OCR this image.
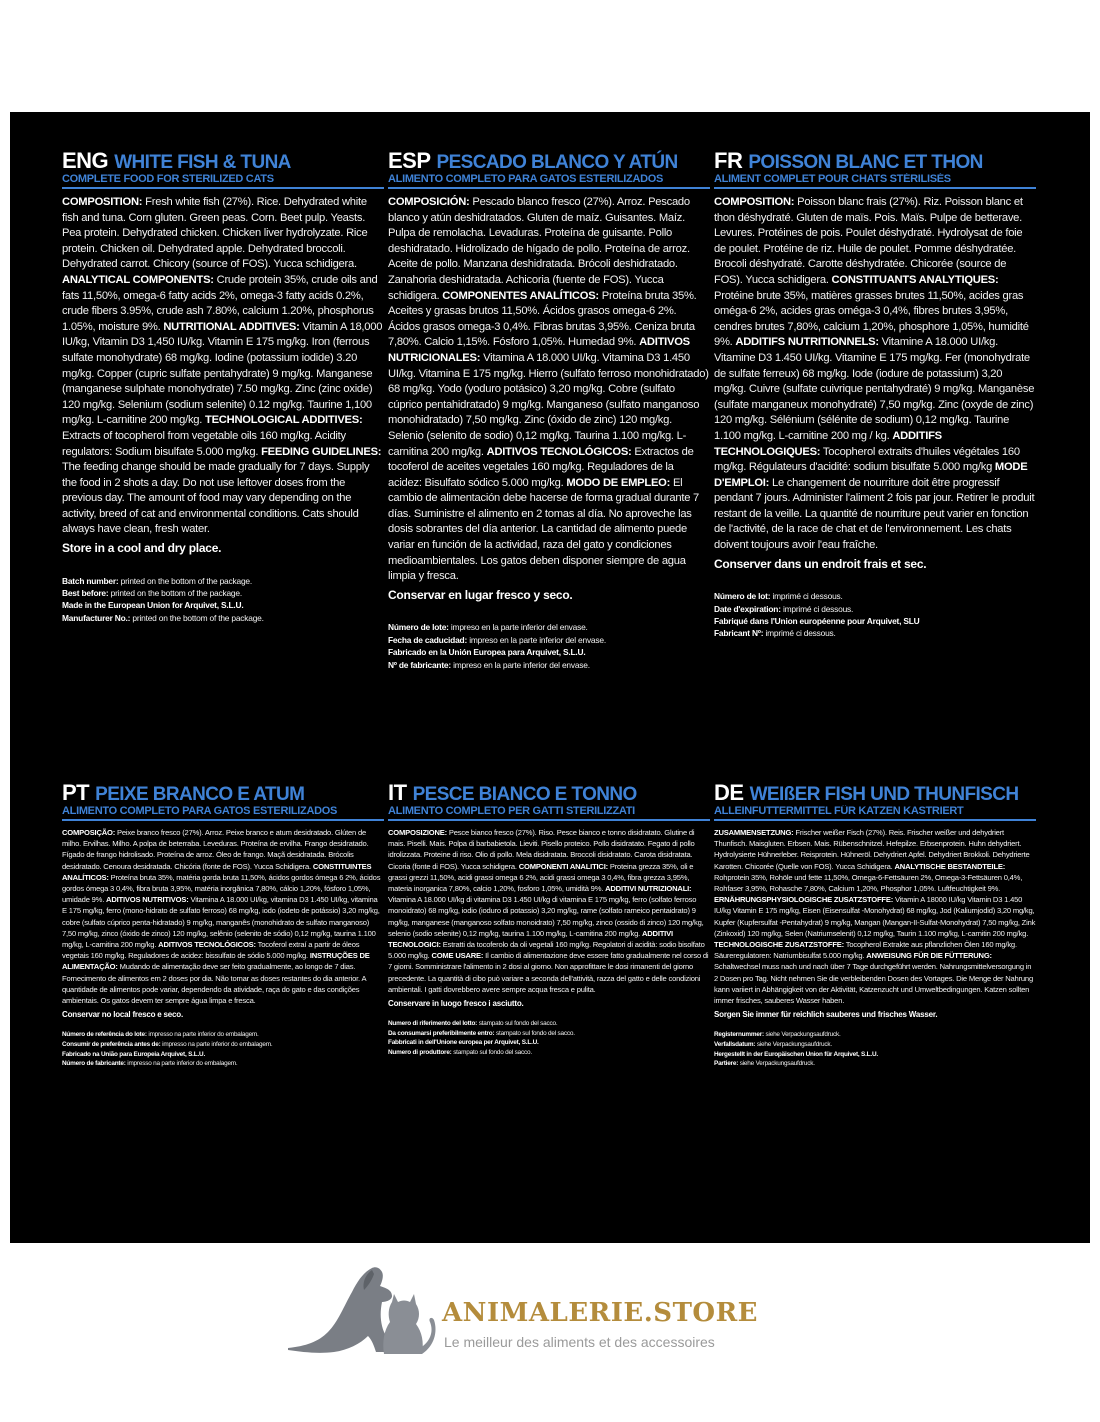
ENG WHITE FISH & TUNA
COMPLETE FOOD FOR STERILIZED CATS

COMPOSITION: Fresh white fish (27%). Rice. Dehydrated white fish and tuna. Corn gluten. Green peas. Corn. Beet pulp. Yeasts. Pea protein. Dehydrated chicken. Chicken liver hydrolyzate. Rice protein. Chicken oil. Dehydrated apple. Dehydrated broccoli. Dehydrated carrot. Chicory (source of FOS). Yucca schidigera. ANALYTICAL COMPONENTS: Crude protein 35%, crude oils and fats 11,50%, omega-6 fatty acids 2%, omega-3 fatty acids 0.2%, crude fibers 3.95%, crude ash 7.80%, calcium 1.20%, phosphorus 1.05%, moisture 9%. NUTRITIONAL ADDITIVES: Vitamin A 18,000 IU/kg, Vitamin D3 1,450 IU/kg. Vitamin E 175 mg/kg. Iron (ferrous sulfate monohydrate) 68 mg/kg. Iodine (potassium iodide) 3.20 mg/kg. Copper (cupric sulfate pentahydrate) 9 mg/kg. Manganese (manganese sulphate monohydrate) 7.50 mg/kg. Zinc (zinc oxide) 120 mg/kg. Selenium (sodium selenite) 0.12 mg/kg. Taurine 1,100 mg/kg. L-carnitine 200 mg/kg. TECHNOLOGICAL ADDITIVES: Extracts of tocopherol from vegetable oils 160 mg/kg. Acidity regulators: Sodium bisulfate 5.000 mg/kg. FEEDING GUIDELINES: The feeding change should be made gradually for 7 days. Supply the food in 2 shots a day. Do not use leftover doses from the previous day. The amount of food may vary depending on the activity, breed of cat and environmental conditions. Cats should always have clean, fresh water.
Store in a cool and dry place.

Batch number: printed on the bottom of the package.
Best before: printed on the bottom of the package.
Made in the European Union for Arquivet, S.L.U.
Manufacturer No.: printed on the bottom of the package.
ESP PESCADO BLANCO Y ATÚN
ALIMENTO COMPLETO PARA GATOS ESTERILIZADOS

COMPOSICIÓN: Pescado blanco fresco (27%). Arroz. Pescado blanco y atún deshidratados. Gluten de maíz. Guisantes. Maíz. Pulpa de remolacha. Levaduras. Proteína de guisante. Pollo deshidratado. Hidrolizado de hígado de pollo. Proteína de arroz. Aceite de pollo. Manzana deshidratada. Brócoli deshidratado. Zanahoria deshidratada. Achicoria (fuente de FOS). Yucca schidigera. COMPONENTES ANALÍTICOS: Proteína bruta 35%. Aceites y grasas brutos 11,50%. Ácidos grasos omega-6 2%. Ácidos grasos omega-3 0,4%. Fibras brutas 3,95%. Ceniza bruta 7,80%. Calcio 1,15%. Fósforo 1,05%. Humedad 9%. ADITIVOS NUTRICIONALES: Vitamina A 18.000 UI/kg. Vitamina D3 1.450 UI/kg. Vitamina E 175 mg/kg. Hierro (sulfato ferroso monohidratado) 68 mg/kg. Yodo (yoduro potásico) 3,20 mg/kg. Cobre (sulfato cúprico pentahidratado) 9 mg/kg. Manganeso (sulfato manganoso monohidratado) 7,50 mg/kg. Zinc (óxido de zinc) 120 mg/kg. Selenio (selenito de sodio) 0,12 mg/kg. Taurina 1.100 mg/kg. L-carnitina 200 mg/kg. ADITIVOS TECNOLÓGICOS: Extractos de tocoferol de aceites vegetales 160 mg/kg. Reguladores de la acidez: Bisulfato sódico 5.000 mg/kg. MODO DE EMPLEO: El cambio de alimentación debe hacerse de forma gradual durante 7 días. Suministre el alimento en 2 tomas al día. No aproveche las dosis sobrantes del día anterior. La cantidad de alimento puede variar en función de la actividad, raza del gato y condiciones medioambientales. Los gatos deben disponer siempre de agua limpia y fresca.
Conservar en lugar fresco y seco.

Número de lote: impreso en la parte inferior del envase.
Fecha de caducidad: impreso en la parte inferior del envase.
Fabricado en la Unión Europea para Arquivet, S.L.U.
Nº de fabricante: impreso en la parte inferior del envase.
FR POISSON BLANC ET THON
ALIMENT COMPLET POUR CHATS STÉRILISÉS

COMPOSITION: Poisson blanc frais (27%). Riz. Poisson blanc et thon déshydraté. Gluten de maïs. Pois. Maïs. Pulpe de betterave. Levures. Protéines de pois. Poulet déshydraté. Hydrolysat de foie de poulet. Protéine de riz. Huile de poulet. Pomme déshydratée. Brocoli déshydraté. Carotte déshydratée. Chicorée (source de FOS). Yucca schidigera. CONSTITUANTS ANALYTIQUES: Protéine brute 35%, matières grasses brutes 11,50%, acides gras oméga-6 2%, acides gras oméga-3 0,4%, fibres brutes 3,95%, cendres brutes 7,80%, calcium 1,20%, phosphore 1,05%, humidité 9%. ADDITIFS NUTRITIONNELS: Vitamine A 18.000 UI/kg. Vitamine D3 1.450 UI/kg. Vitamine E 175 mg/kg. Fer (monohydrate de sulfate ferreux) 68 mg/kg. Iode (iodure de potassium) 3,20 mg/kg. Cuivre (sulfate cuivrique pentahydraté) 9 mg/kg. Manganèse (sulfate manganeux monohydraté) 7,50 mg/kg. Zinc (oxyde de zinc) 120 mg/kg. Sélénium (sélénite de sodium) 0,12 mg/kg. Taurine 1.100 mg/kg. L-carnitine 200 mg / kg. ADDITIFS TECHNOLOGIQUES: Tocopherol extraits d'huiles végétales 160 mg/kg. Régulateurs d'acidité: sodium bisulfate 5.000 mg/kg MODE D'EMPLOI: Le changement de nourriture doit être progressif pendant 7 jours. Administer l'aliment 2 fois par jour. Retirer le produit restant de la veille. La quantité de nourriture peut varier en fonction de l'activité, de la race de chat et de l'environnement. Les chats doivent toujours avoir l'eau fraîche.
Conserver dans un endroit frais et sec.

Número de lot: imprimé ci dessous.
Date d'expiration: imprimé ci dessous.
Fabriqué dans l'Union européenne pour Arquivet, SLU
Fabricant Nº: imprimé ci dessous.
PT PEIXE BRANCO E ATUM
ALIMENTO COMPLETO PARA GATOS ESTERILIZADOS

COMPOSIÇÃO: Peixe branco fresco (27%). Arroz. Peixe branco e atum desidratado. Glúten de milho. Ervilhas. Milho. A polpa de beterraba. Leveduras. Proteína de ervilha. Frango desidratado. Fígado de frango hidrolisado. Proteína de arroz. Óleo de frango. Maçã desidratada. Brócolis desidratado. Cenoura desidratada. Chicória (fonte de FOS). Yucca Schidigera. CONSTITUINTES ANALÍTICOS: Proteína bruta 35%, matéria gorda bruta 11,50%, ácidos gordos ómega 6 2%, ácidos gordos ómega 3 0,4%, fibra bruta 3,95%, matéria inorgânica 7,80%, cálcio 1,20%, fósforo 1,05%, umidade 9%. ADITIVOS NUTRITIVOS: Vitamina A 18.000 UI/kg, vitamina D3 1.450 UI/kg, vitamina E 175 mg/kg, ferro (mono-hidrato de sulfato ferroso) 68 mg/kg, iodo (iodeto de potássio) 3,20 mg/kg, cobre (sulfato cúprico penta-hidratado) 9 mg/kg, manganês (monohidrato de sulfato manganoso) 7,50 mg/kg, zinco (óxido de zinco) 120 mg/kg, selênio (selenito de sódio) 0,12 mg/kg, taurina 1.100 mg/kg, L-carnitina 200 mg/kg. ADITIVOS TECNOLÓGICOS: Tocoferol extraí a partir de óleos vegetais 160 mg/kg. Reguladores de acidez: bissulfato de sódio 5.000 mg/kg. INSTRUÇÕES DE ALIMENTAÇÃO: Mudando de alimentação deve ser feito gradualmente, ao longo de 7 dias. Fornecimento de alimentos em 2 doses por dia. Não tomar as doses restantes do dia anterior. A quantidade de alimentos pode variar, dependendo da atividade, raça do gato e das condições ambientais. Os gatos devem ter sempre água limpa e fresca.
Conservar no local fresco e seco.

Número de referência do lote: impresso na parte inferior do embalagem.
Consumir de preferência antes de: impresso na parte inferior do embalagem.
Fabricado na União para Europeia Arquivet, S.L.U.
Número de fabricante: impresso na parte inferior do embalagem.
IT PESCE BIANCO E TONNO
ALIMENTO COMPLETO PER GATTI STERILIZZATI

COMPOSIZIONE: Pesce bianco fresco (27%). Riso. Pesce bianco e tonno disidratato. Glutine di mais. Piselli. Mais. Polpa di barbabietola. Lieviti. Pisello proteico. Pollo disidratato. Fegato di pollo idrolizzata. Proteine di riso. Olio di pollo. Mela disidratata. Broccoli disidratato. Carota disidratata. Cicoria (fonte di FOS). Yucca schidigera. COMPONENTI ANALITICI: Proteina grezza 35%, oli e grassi grezzi 11,50%, acidi grassi omega 6 2%, acidi grassi omega 3 0,4%, fibra grezza 3,95%, materia inorganica 7,80%, calcio 1,20%, fosforo 1,05%, umidità 9%. ADDITIVI NUTRIZIONALI: Vitamina A 18.000 UI/kg di vitamina D3 1.450 UI/kg di vitamina E 175 mg/kg, ferro (solfato ferroso monoidrato) 68 mg/kg, iodio (ioduro di potassio) 3,20 mg/kg, rame (solfato rameico pentaidrato) 9 mg/kg, manganese (manganoso solfato monoidrato) 7,50 mg/kg, zinco (ossido di zinco) 120 mg/kg, selenio (sodio selenite) 0,12 mg/kg, taurina 1.100 mg/kg, L-carnitina 200 mg/kg. ADDITIVI TECNOLOGICI: Estratti da tocoferolo da oli vegetali 160 mg/kg. Regolatori di acidità: sodio bisolfato 5.000 mg/kg. COME USARE: Il cambio di alimentazione deve essere fatto gradualmente nel corso di 7 giorni. Somministrare l'alimento in 2 dosi al giorno. Non approfittare le dosi rimanenti del giorno precedente. La quantità di cibo può variare a seconda dell'attività, razza del gatto e delle condizioni ambientali. I gatti dovrebbero avere sempre acqua fresca e pulita.
Conservare in luogo fresco i asciutto.

Numero di riferimento del lotto: stampato sul fondo del sacco.
Da consumarsi preferibilmente entro: stampato sul fondo del sacco.
Fabbricati in dell'Unione europea per Arquivet, S.L.U.
Numero di produttore: stampato sul fondo del sacco.
DE WEIßER FISH UND THUNFISCH
ALLEINFUTTERMITTEL FÜR KATZEN KASTRIERT

ZUSAMMENSETZUNG: Frischer weißer Fisch (27%). Reis. Frischer weißer und dehydriert Thunfisch. Maisgluten. Erbsen. Mais. Rübenschnitzel. Hefepilze. Erbsenprotein. Huhn dehydriert. Hydrolysierte Hühnerleber. Reisprotein. Hühneröl. Dehydriert Apfel. Dehydriert Brokkoli. Dehydrierte Karotten. Chicorée (Quelle von FOS). Yucca Schidigera. ANALYTISCHE BESTANDTEILE: Rohprotein 35%, Rohöle und fette 11,50%, Omega-6-Fettsäuren 2%, Omega-3-Fettsäuren 0,4%, Rohfaser 3,95%, Rohasche 7,80%, Calcium 1,20%, Phosphor 1,05%. Luftfeuchtigkeit 9%. ERNÄHRUNGSPHYSIOLOGISCHE ZUSATZSTOFFE: Vitamin A 18000 IU/kg Vitamin D3 1.450 IU/kg Vitamin E 175 mg/kg, Eisen (Eisensulfat -Monohydrat) 68 mg/kg, Jod (Kaliumjodid) 3,20 mg/kg, Kupfer (Kupfersulfat -Pentahydrat) 9 mg/kg, Mangan (Mangan-II-Sulfat-Monohydrat) 7,50 mg/kg, Zink (Zinkoxid) 120 mg/kg, Selen (Natriumselenit) 0,12 mg/kg, Taurin 1.100 mg/kg, L-carnitin 200 mg/kg. TECHNOLOGISCHE ZUSATZSTOFFE: Tocopherol Extrakte aus pflanzlichen Ölen 160 mg/kg. Säureregulatoren: Natriumbisulfat 5.000 mg/kg. ANWEISUNG FÜR DIE FÜTTERUNG: Schaltwechsel muss nach und nach über 7 Tage durchgeführt werden. Nahrungsmittelversorgung in 2 Dosen pro Tag. Nicht nehmen Sie die verbleibenden Dosen des Vortages. Die Menge der Nahrung kann variiert in Abhängigkeit von der Aktivität, Katzenzucht und Umweltbedingungen. Katzen sollten immer frisches, sauberes Wasser haben.
Sorgen Sie immer für reichlich sauberes und frisches Wasser.

Registernummer: siehe Verpackungsaufdruck.
Verfallsdatum: siehe Verpackungsaufdruck.
Hergestellt in der Europäischen Union für Arquivet, S.L.U.
Partiere: siehe Verpackungsaufdruck.
ANIMALERIE.STORE
Le meilleur des aliments et des accessoires
